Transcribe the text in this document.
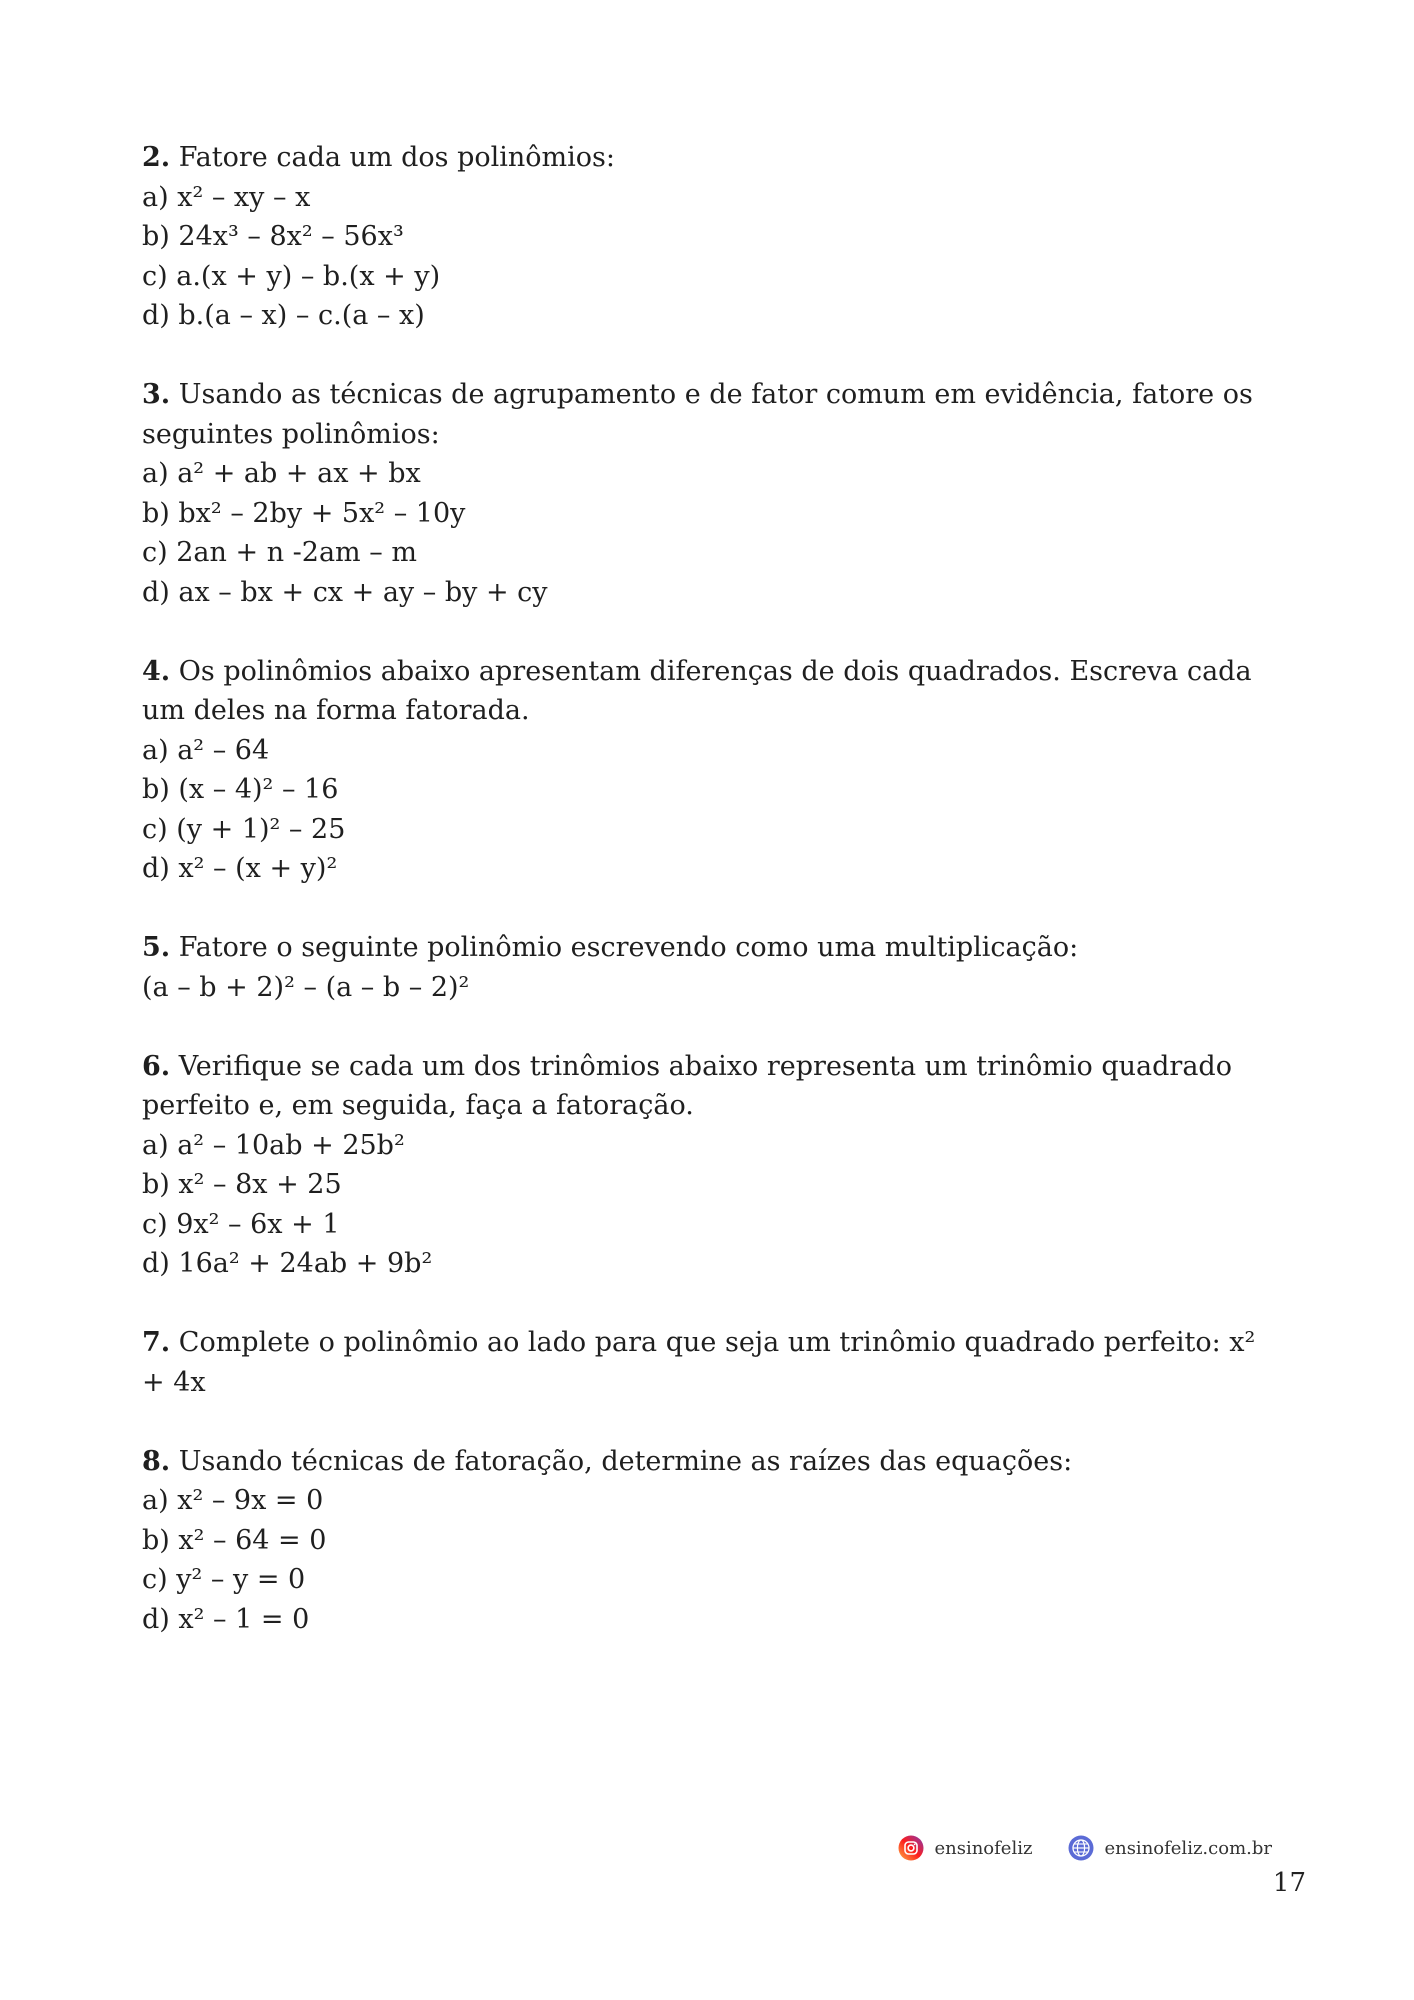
2. Fatore cada um dos polinômios:
a) x² – xy – x
b) 24x³ – 8x² – 56x³
c) a.(x + y) – b.(x + y)
d) b.(a – x) – c.(a – x)
3. Usando as técnicas de agrupamento e de fator comum em evidência, fatore os seguintes polinômios:
a) a² + ab + ax + bx
b) bx² – 2by + 5x² – 10y
c) 2an + n -2am – m
d) ax – bx + cx + ay – by + cy
4. Os polinômios abaixo apresentam diferenças de dois quadrados. Escreva cada um deles na forma fatorada.
a) a² – 64
b) (x – 4)² – 16
c) (y + 1)² – 25
d) x² – (x + y)²
5. Fatore o seguinte polinômio escrevendo como uma multiplicação:
(a – b + 2)² – (a – b – 2)²
6. Verifique se cada um dos trinômios abaixo representa um trinômio quadrado perfeito e, em seguida, faça a fatoração.
a) a² – 10ab + 25b²
b) x² – 8x + 25
c) 9x² – 6x + 1
d) 16a² + 24ab + 9b²
7. Complete o polinômio ao lado para que seja um trinômio quadrado perfeito: x² + 4x
8. Usando técnicas de fatoração, determine as raízes das equações:
a) x² – 9x = 0
b) x² – 64 = 0
c) y² – y = 0
d) x² – 1 = 0
ensinofeliz	ensinofeliz.com.br
17
